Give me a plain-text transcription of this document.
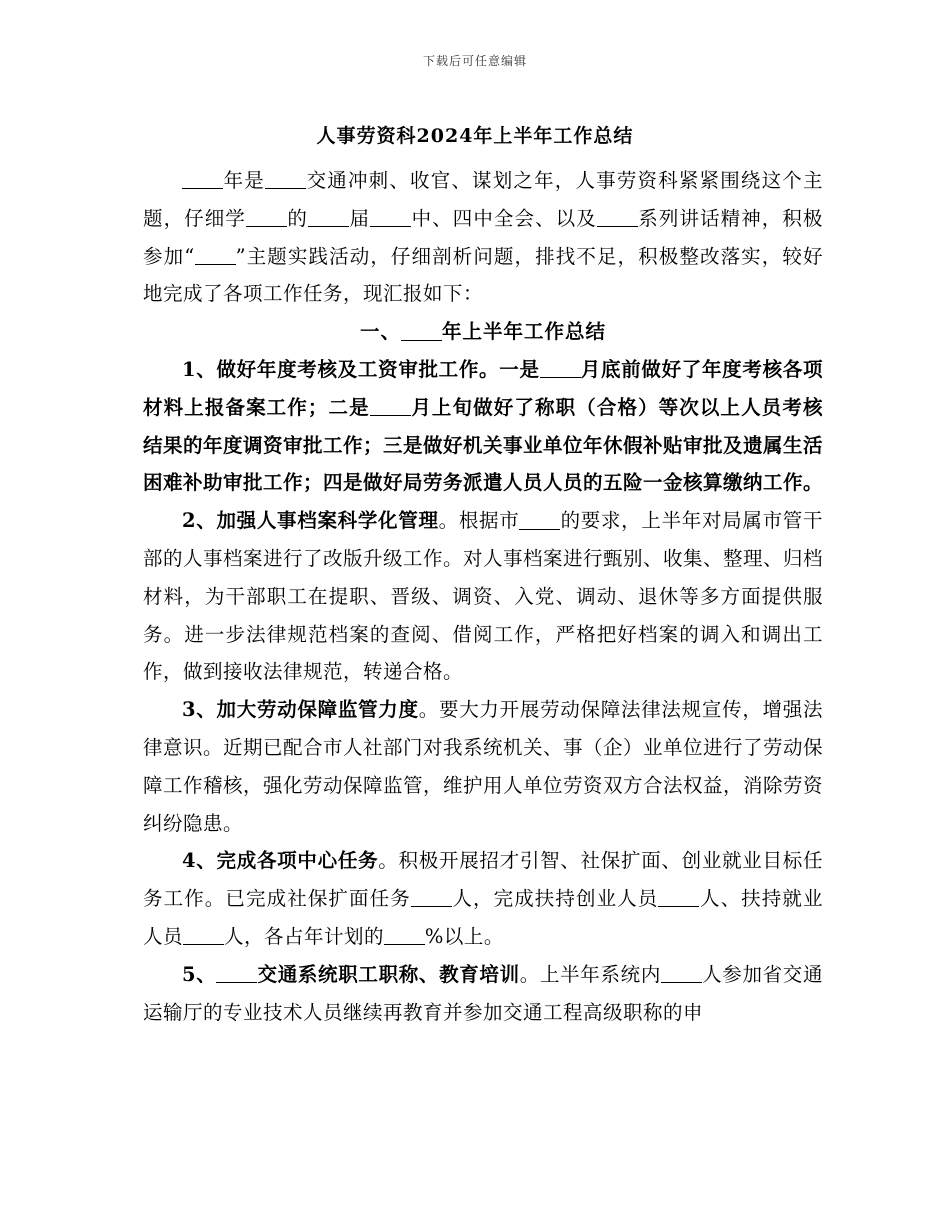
下载后可任意编辑
人事劳资科2024年上半年工作总结

年是 交通冲刺、收官、谋划之年，人事劳资科紧紧围绕这个主题，仔细学 的 届 中、四中全会、以及 系列讲话精神，积极参加“ ”主题实践活动，仔细剖析问题，排找不足，积极整改落实，较好地完成了各项工作任务，现汇报如下：

一、 年上半年工作总结

1、做好年度考核及工资审批工作。一是 月底前做好了年度考核各项材料上报备案工作；二是 月上旬做好了称职（合格）等次以上人员考核结果的年度调资审批工作；三是做好机关事业单位年休假补贴审批及遗属生活困难补助审批工作；四是做好局劳务派遣人员人员的五险一金核算缴纳工作。

2、加强人事档案科学化管理。根据市 的要求，上半年对局属市管干部的人事档案进行了改版升级工作。对人事档案进行甄别、收集、整理、归档材料，为干部职工在提职、晋级、调资、入党、调动、退休等多方面提供服务。进一步法律规范档案的查阅、借阅工作，严格把好档案的调入和调出工作，做到接收法律规范，转递合格。

3、加大劳动保障监管力度。要大力开展劳动保障法律法规宣传，增强法律意识。近期已配合市人社部门对我系统机关、事（企）业单位进行了劳动保障工作稽核，强化劳动保障监管，维护用人单位劳资双方合法权益，消除劳资纠纷隐患。

4、完成各项中心任务。积极开展招才引智、社保扩面、创业就业目标任务工作。已完成社保扩面任务 人，完成扶持创业人员 人、扶持就业人员 人，各占年计划的 %以上。

5、 交通系统职工职称、教育培训。上半年系统内 人参加省交通运输厅的专业技术人员继续再教育并参加交通工程高级职称的申
